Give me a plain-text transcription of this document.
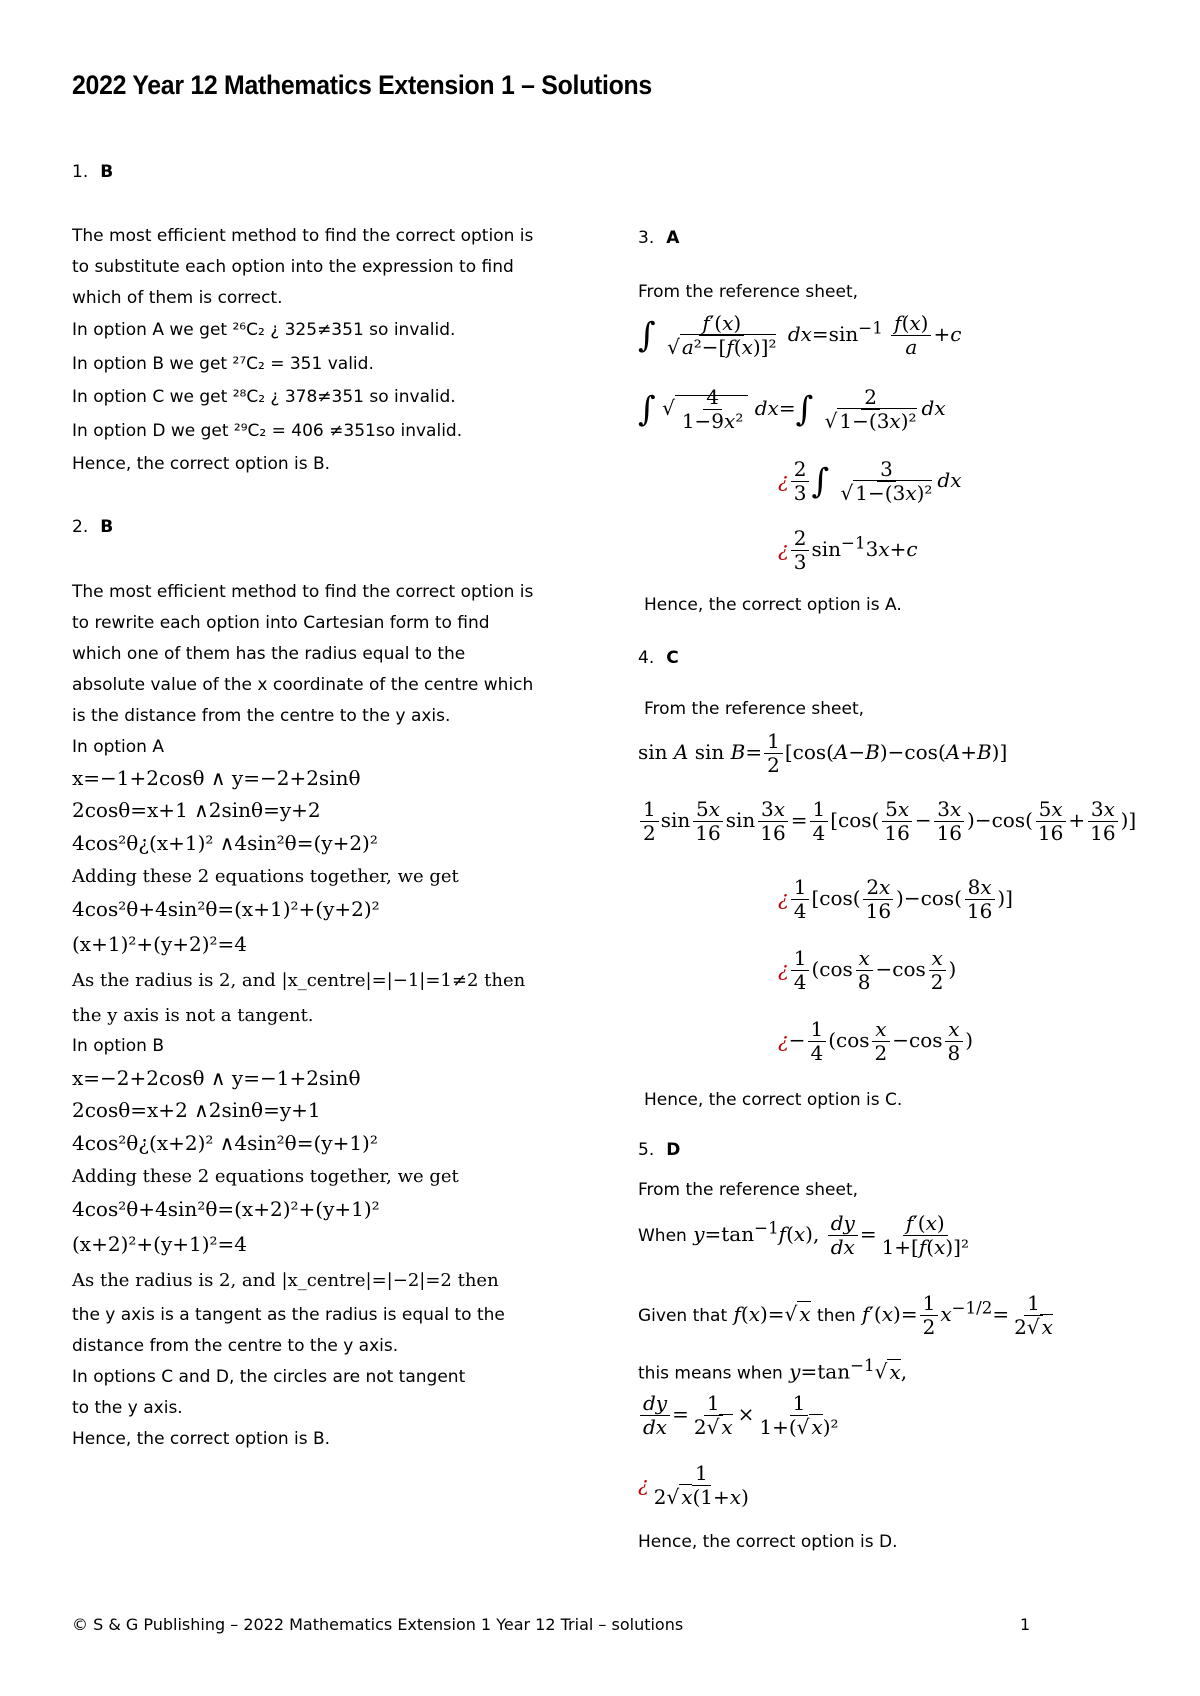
2022 Year 12 Mathematics Extension 1 – Solutions
1. B
The most efficient method to find the correct option is
to substitute each option into the expression to find
which of them is correct.
In option A we get ²⁶C₂ ¿ 325≠351 so invalid.
In option B we get ²⁷C₂ = 351 valid.
In option C we get ²⁸C₂ ¿ 378≠351 so invalid.
In option D we get ²⁹C₂ = 406 ≠351so invalid.
Hence, the correct option is B.
2. B
The most efficient method to find the correct option is
to rewrite each option into Cartesian form to find
which one of them has the radius equal to the
absolute value of the x coordinate of the centre which
is the distance from the centre to the y axis.
In option A
x=−1+2cosθ ∧ y=−2+2sinθ
2cosθ=x+1 ∧2sinθ=y+2
4cos²θ¿(x+1)² ∧4sin²θ=(y+2)²
Adding these 2 equations together, we get
4cos²θ+4sin²θ=(x+1)²+(y+2)²
(x+1)²+(y+2)²=4
As the radius is 2, and |x_centre|=|−1|=1≠2 then
the y axis is not a tangent.
In option B
x=−2+2cosθ ∧ y=−1+2sinθ
2cosθ=x+2 ∧2sinθ=y+1
4cos²θ¿(x+2)² ∧4sin²θ=(y+1)²
Adding these 2 equations together, we get
4cos²θ+4sin²θ=(x+2)²+(y+1)²
(x+2)²+(y+1)²=4
As the radius is 2, and |x_centre|=|−2|=2 then
the y axis is a tangent as the radius is equal to the
distance from the centre to the y axis.
In options C and D, the circles are not tangent
to the y axis.
Hence, the correct option is B.
3. A
From the reference sheet,
∫ $\frac{f'(x)}{\text{√ a²−[f(x)]²}} dx=\sin^{-1} \frac{f(x)}{a} +c$
∫ √ $\frac{4}{\text{1−9x²}} dx=\int \frac{2}{\text{√ 1−(3x)²}}$ dx
¿ $\frac{2}{3}$ ∫ $\frac{3}{\text{√ 1−(3x)²}}$ dx
¿ $\frac{2}{3} \sin^{-1}3x+c$
Hence, the correct option is A.
4. C
From the reference sheet,
sin A $\sin B= \frac{1}{2} [\cos(A-B)-\cos(A+B)]$
$\frac{1}{2}$ $\sin \frac{5x}{16}$ $\sin \frac{3x}{16} = \frac{1}{4} [\cos( \frac{5x}{16} - \frac{3x}{16} )-\cos( \frac{5x}{16} + \frac{3x}{16}$ )]
¿ $\frac{1}{4} [\cos( \frac{2x}{16} )-\cos( \frac{8x}{16}$ )]
¿ $\frac{1}{4} (\cos \frac{x}{8} -\cos \frac{x}{2}$ )
¿− $\frac{1}{4} (\cos \frac{x}{2} -\cos \frac{x}{8}$ )
Hence, the correct option is C.
5. D
From the reference sheet,
When $y=\tan^{-1}f(x)$, $\frac{dy}{dx} = \frac{f'(x)}{\text{1+[f(x)]²}}$
Given that f(x)=√ x then $f'(x)= \frac{1}{2} x^{-1/2}= \frac{1}{2√ x}$
this means when $y=\tan^{-1}√$ x,
$\frac{dy}{dx} = \frac{1}{2√ x} \times \frac{1}{\text{1+(√ x)²}}$
¿ $\frac{1}{2√ x(1+x)}$
Hence, the correct option is D.
© S & G Publishing – 2022 Mathematics Extension 1 Year 12 Trial – solutions	1
